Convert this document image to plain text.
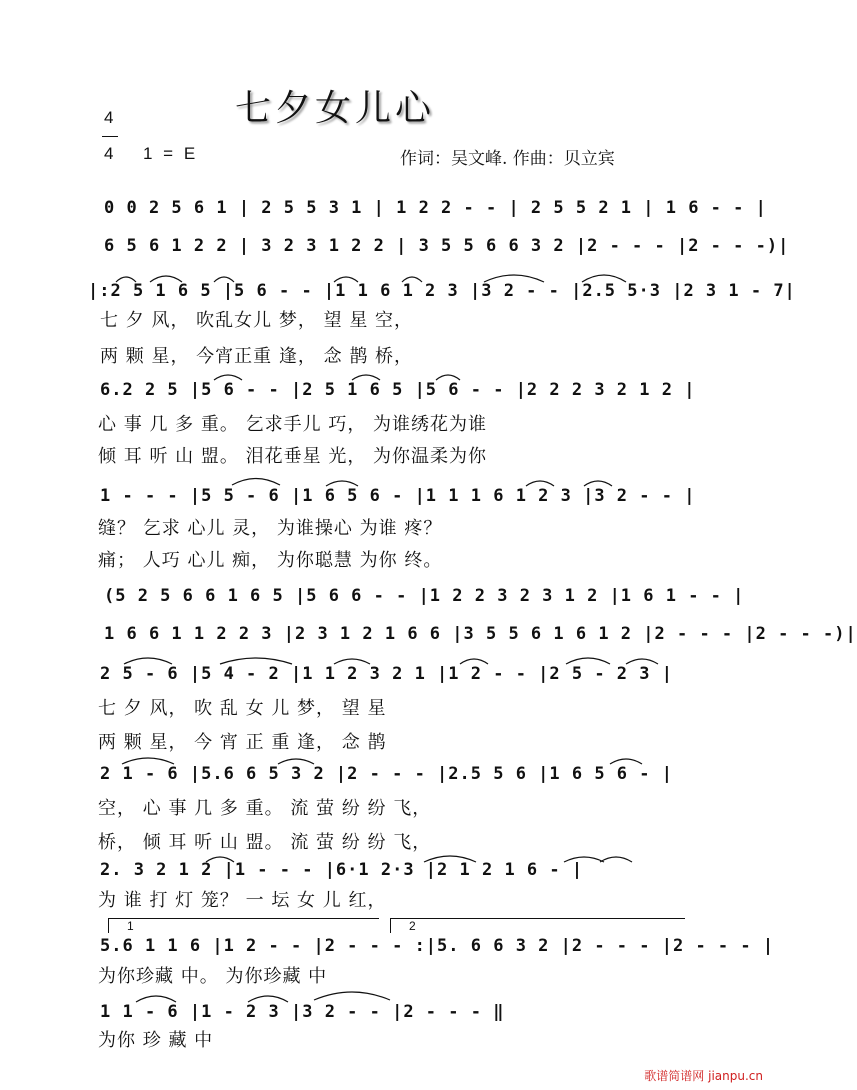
七夕女儿心
4
4 1 = E	作词：吴文峰. 作曲：贝立宾
0 0 2 5 6 1 | 2 5 5 3 1 | 1 2 2 - - | 2 5 5 2 1 | 1 6 - - |
6 5 6 1 2 2 | 3 2 3 1 2 2 | 3 5 5 6 6 3 2 |2 - - - |2 - - -)|
|:2 5 1 6 5 |5 6 - - |1 1 6 1 2 3 |3 2 - - |2.5 5·3 |2 3 1 - 7|
七 夕 风， 吹乱女儿 梦， 望 星 空，
两 颗 星， 今宵正重 逢， 念 鹊 桥，
6.2 2 5 |5 6 - - |2 5 1 6 5 |5 6 - - |2 2 2 3 2 1 2 |
心 事 几 多 重。 乞求手儿 巧， 为谁绣花为谁
倾 耳 听 山 盟。 泪花垂星 光， 为你温柔为你
1 - - - |5 5 - 6 |1 6 5 6 - |1 1 1 6 1 2 3 |3 2 - - |
缝？ 乞求 心儿 灵， 为谁操心 为谁 疼？
痛； 人巧 心儿 痴， 为你聪慧 为你 终。
(5 2 5 6 6 1 6 5 |5 6 6 - - |1 2 2 3 2 3 1 2 |1 6 1 - - |
1 6 6 1 1 2 2 3 |2 3 1 2 1 6 6 |3 5 5 6 1 6 1 2 |2 - - - |2 - - -)|
2 5 - 6 |5 4 - 2 |1 1 2 3 2 1 |1 2 - - |2 5 - 2 3 |
七 夕 风， 吹 乱 女 儿 梦， 望 星
两 颗 星， 今 宵 正 重 逢， 念 鹊
2 1 - 6 |5.6 6 5 3 2 |2 - - - |2.5 5 6 |1 6 5 6 - |
空， 心 事 几 多 重。 流 萤 纷 纷 飞，
桥， 倾 耳 听 山 盟。 流 萤 纷 纷 飞，
2. 3 2 1 2 |1 - - - |6·1 2·3 |2 1 2 1 6 - |
为 谁 打 灯 笼？ 一 坛 女 儿 红，
1	2
5.6 1 1 6 |1 2 - - |2 - - - :|5. 6 6 3 2 |2 - - - |2 - - - |
为你珍藏 中。 为你珍藏 中
1 1 - 6 |1 - 2 3 |3 2 - - |2 - - - ‖
为你 珍 藏 中
歌谱简谱网 jianpu.cn
